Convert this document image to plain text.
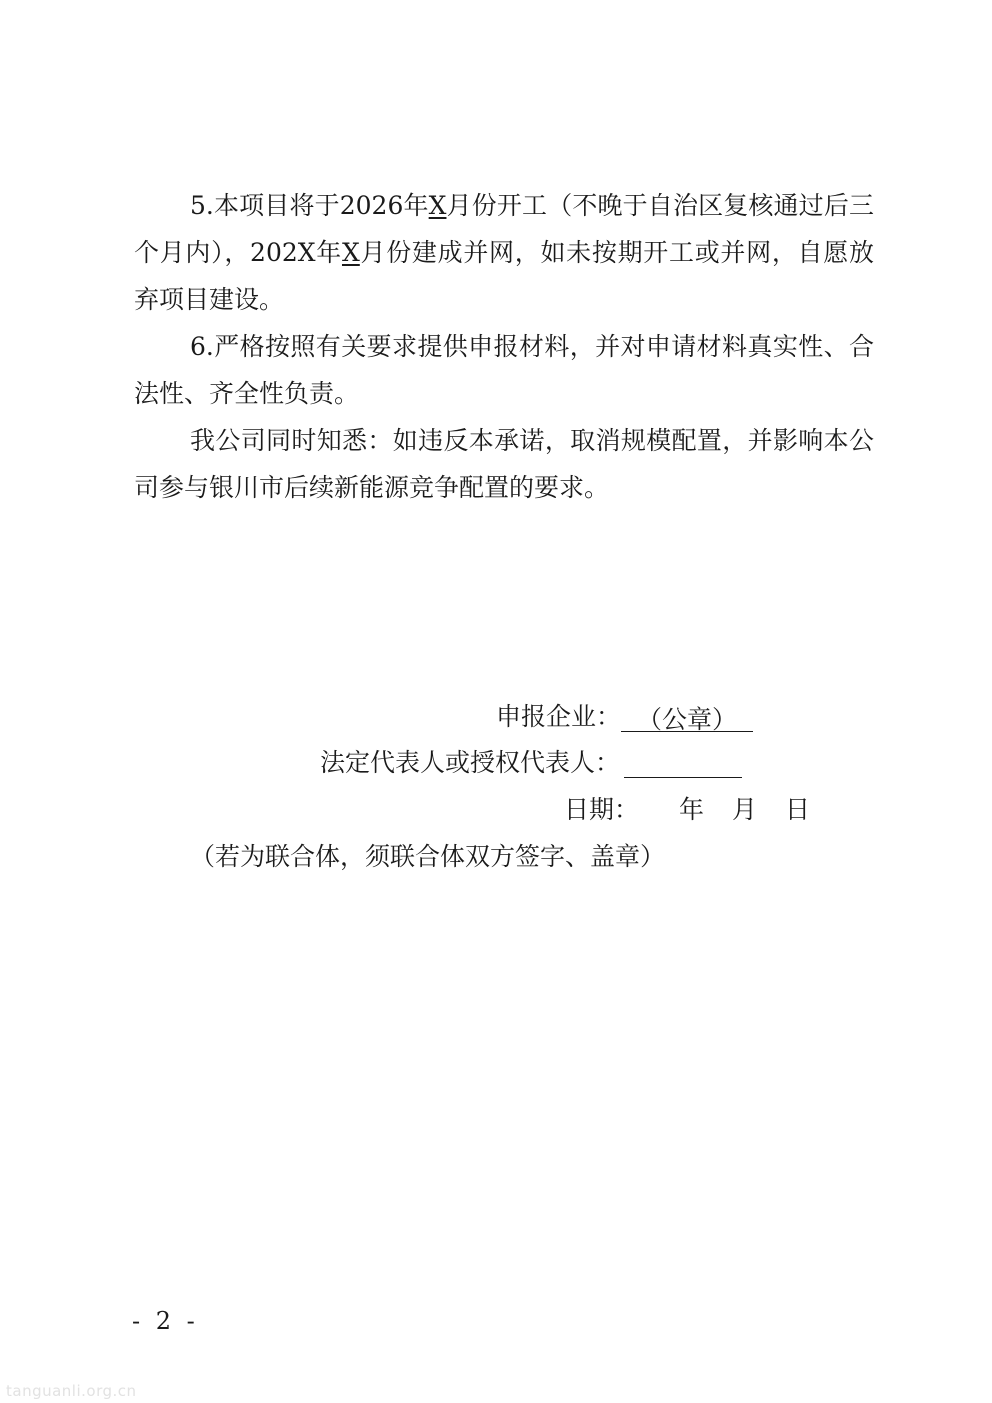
5.本项目将于2026年X月份开工（不晚于自治区复核通过后三个月内），202X年X月份建成并网，如未按期开工或并网，自愿放弃项目建设。

6.严格按照有关要求提供申报材料，并对申请材料真实性、合法性、齐全性负责。

我公司同时知悉：如违反本承诺，取消规模配置，并影响本公司参与银川市后续新能源竞争配置的要求。

申报企业： （公章）
法定代表人或授权代表人：
日期： 年 月 日
（若为联合体，须联合体双方签字、盖章）
- 2 -
tanguanli.org.cn
